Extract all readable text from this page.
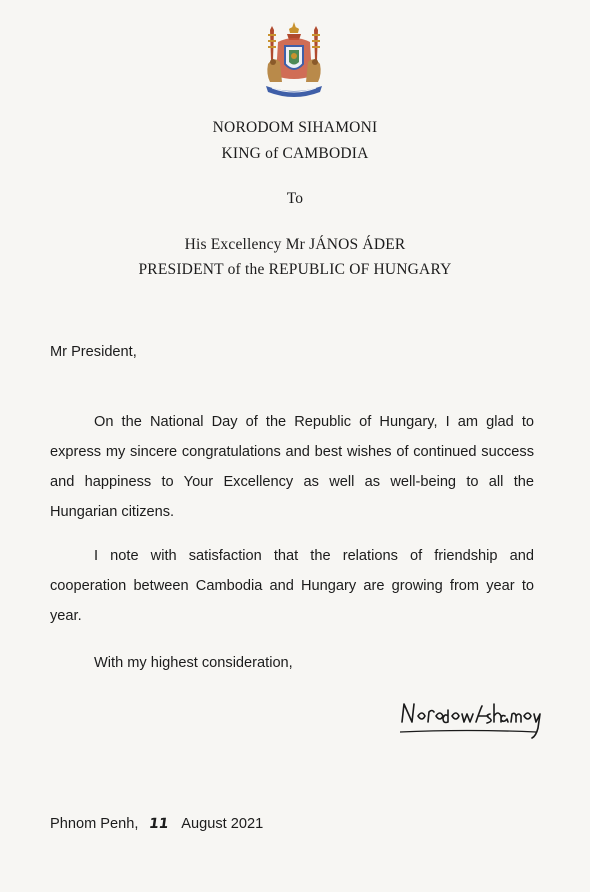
NORODOM SIHAMONI
KING of CAMBODIA
To
His Excellency Mr JÁNOS ÁDER
PRESIDENT of the REPUBLIC OF HUNGARY
Mr President,

On the National Day of the Republic of Hungary, I am glad to express my sincere congratulations and best wishes of continued success and happiness to Your Excellency as well as well-being to all the Hungarian citizens.

I note with satisfaction that the relations of friendship and cooperation between Cambodia and Hungary are growing from year to year.

With my highest consideration,
Phnom Penh, 11 August 2021
